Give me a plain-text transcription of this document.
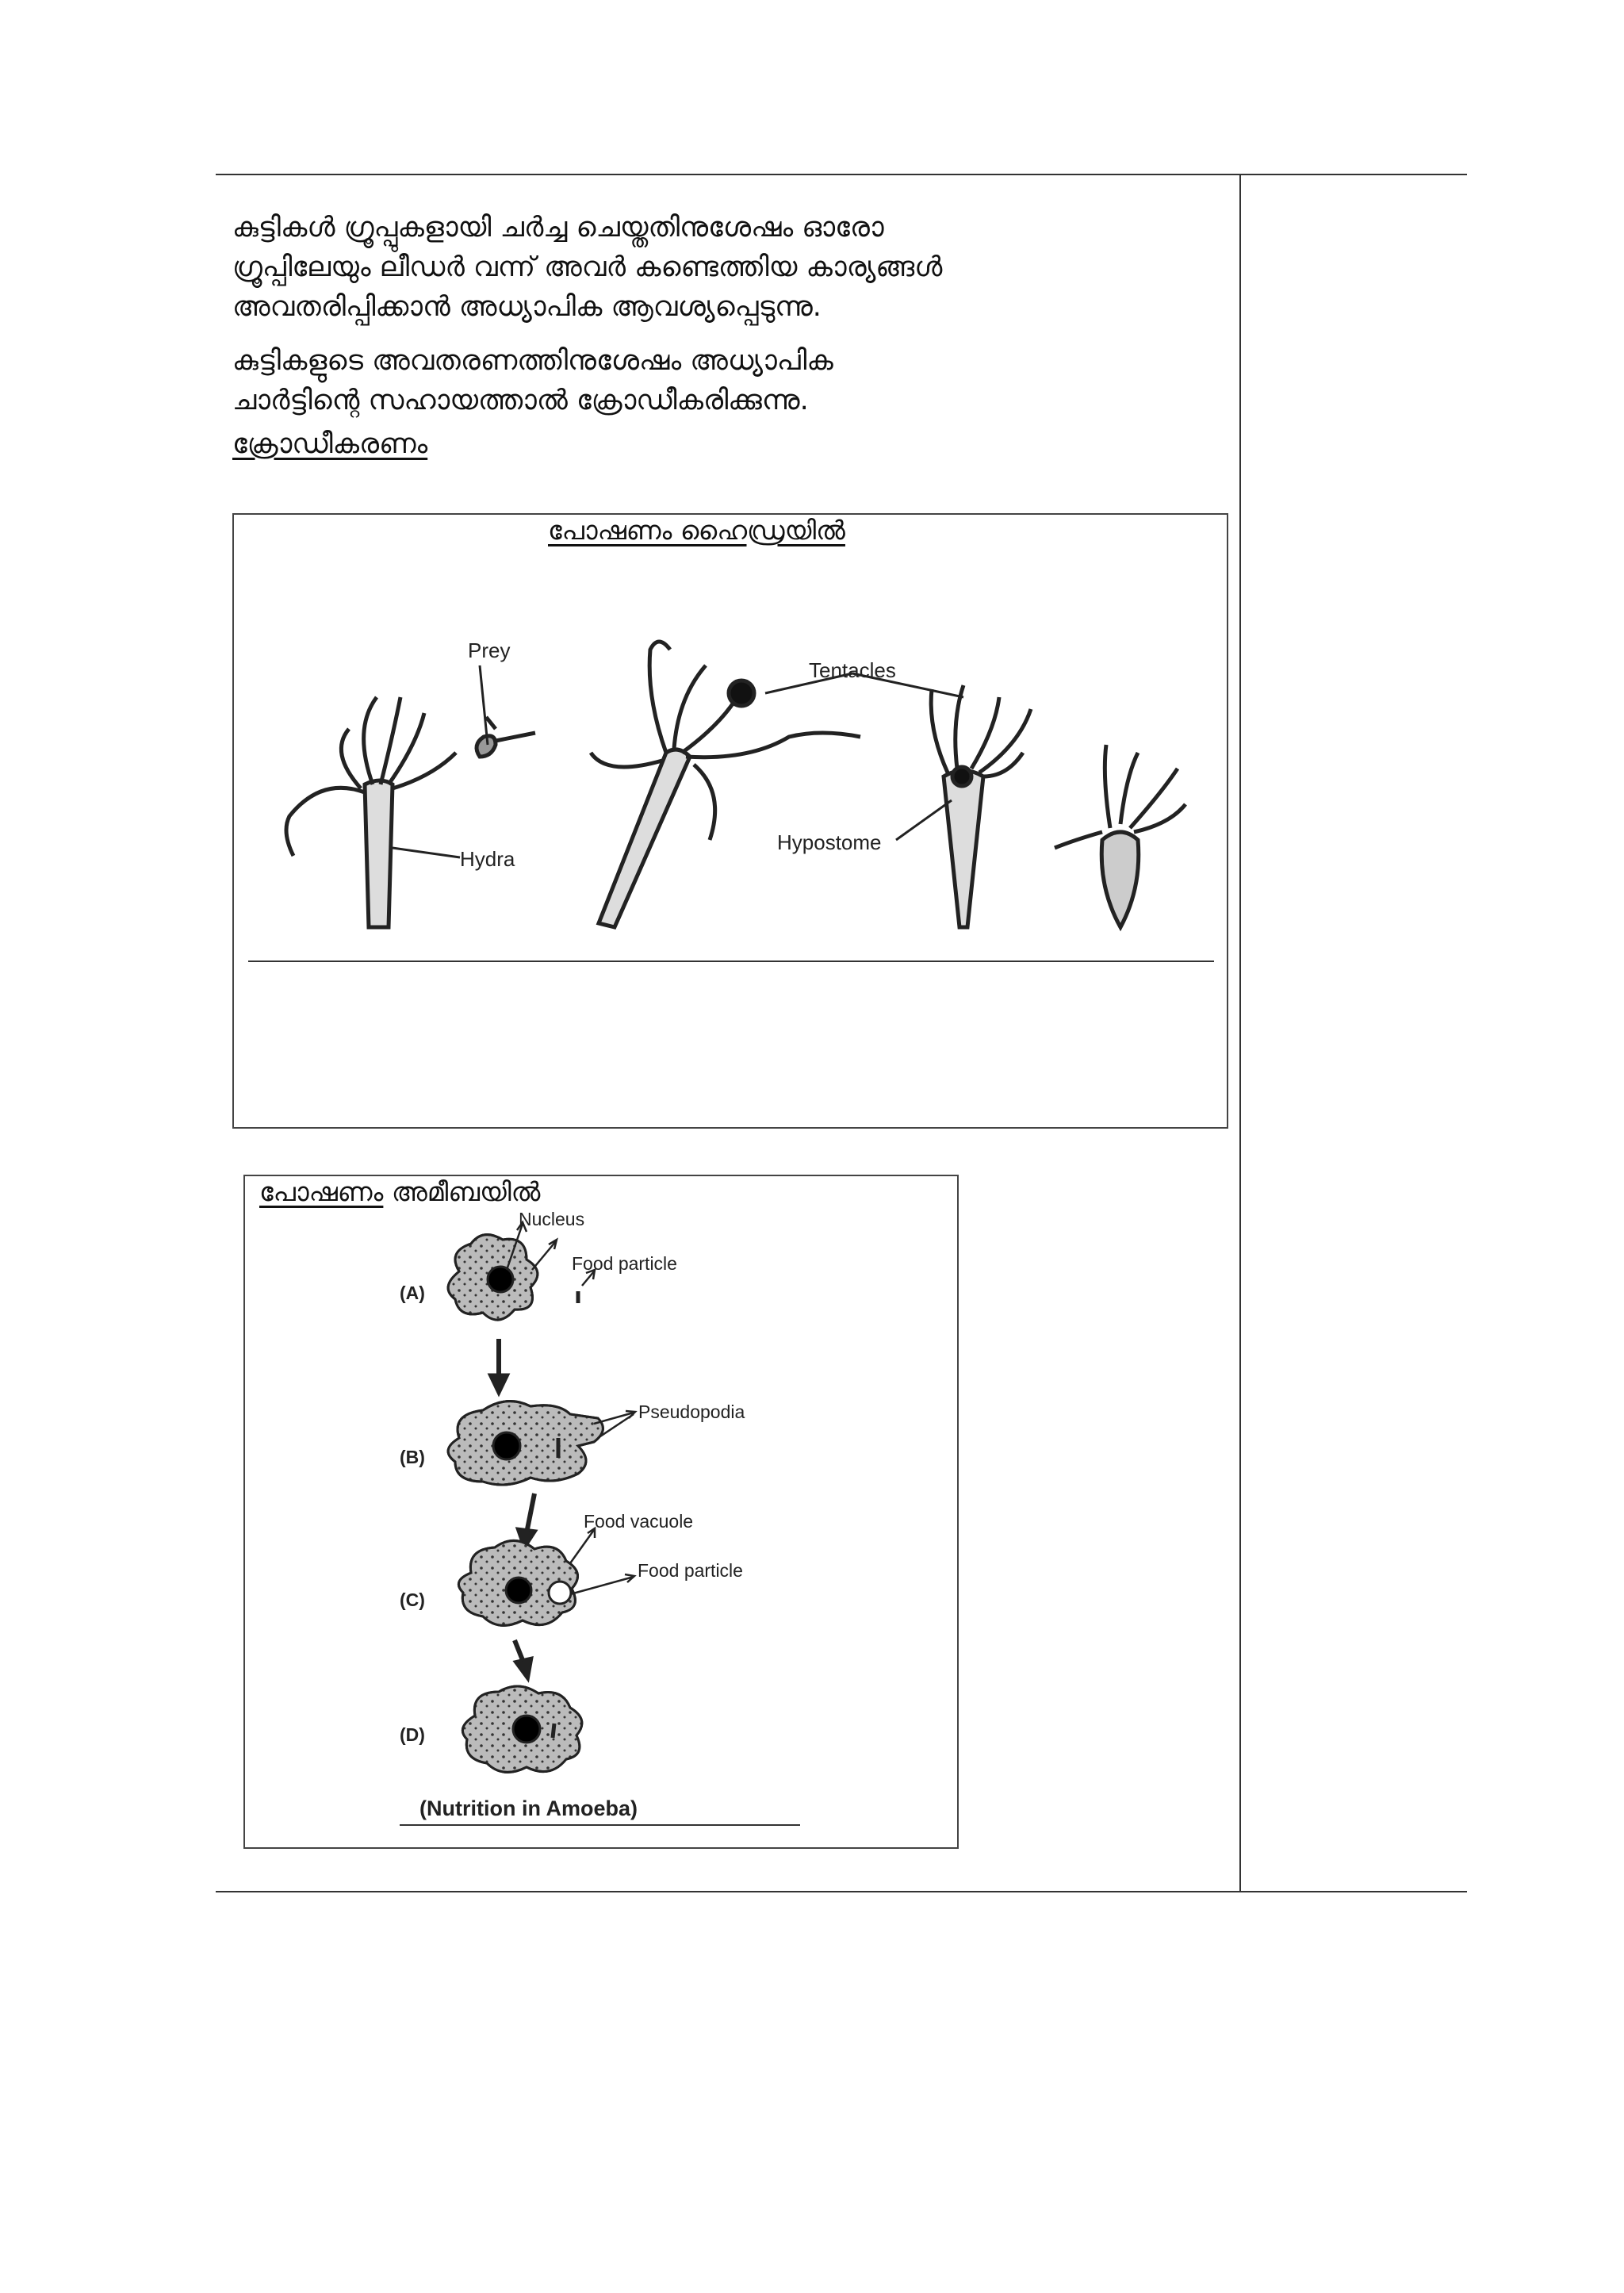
കുട്ടികൾ ഗ്രൂപ്പുകളായി ചർച്ച ചെയ്തതിനുശേഷം ഓരോ
ഗ്രൂപ്പിലേയും ലീഡർ വന്ന് അവർ കണ്ടെത്തിയ കാര്യങ്ങൾ
അവതരിപ്പിക്കാൻ അധ്യാപിക ആവശ്യപ്പെടുന്നു.

കുട്ടികളുടെ അവതരണത്തിനുശേഷം അധ്യാപിക
ചാർട്ടിന്റെ സഹായത്താൽ ക്രോഡീകരിക്കുന്നു.

ക്രോഡീകരണം
പോഷണം ഹൈഡ്രയിൽ
Prey
Hydra
Tentacles
Hypostome
പോഷണം അമീബയിൽ
(A)
(B)
(C)
(D)
Nucleus
Food particle
Pseudopodia
Food vacuole
Food particle
(Nutrition in Amoeba)
